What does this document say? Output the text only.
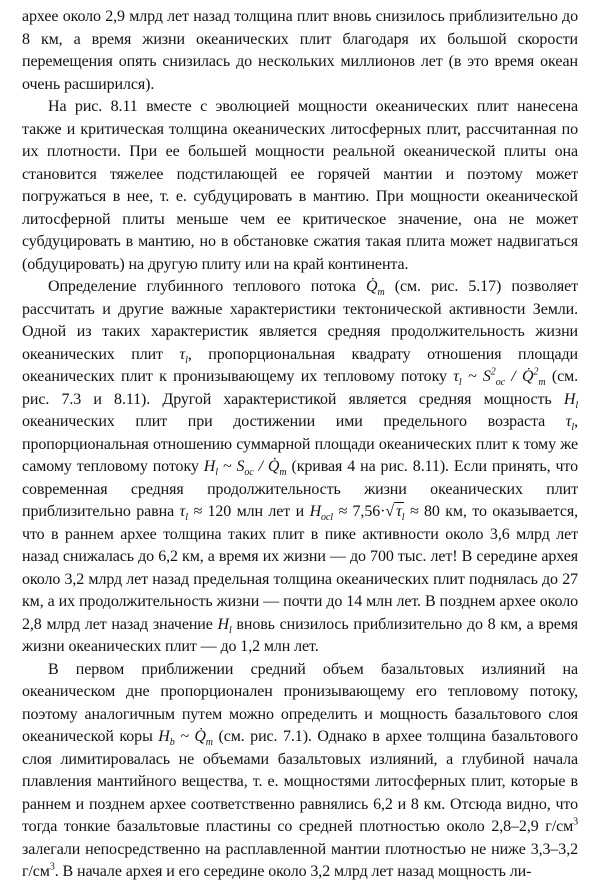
архее около 2,9 млрд лет назад толщина плит вновь снизилось приблизительно до 8 км, а время жизни океанических плит благодаря их большой скорости перемещения опять снизилась до нескольких миллионов лет (в это время океан очень расширился).

На рис. 8.11 вместе с эволюцией мощности океанических плит нанесена также и критическая толщина океанических литосферных плит, рассчитанная по их плотности. При ее большей мощности реальной океанической плиты она становится тяжелее подстилающей ее горячей мантии и поэтому может погружаться в нее, т. е. субдуцировать в мантию. При мощности океанической литосферной плиты меньше чем ее критическое значение, она не может субдуцировать в мантию, но в обстановке сжатия такая плита может надвигаться (обдуцировать) на другую плиту или на край континента.

Определение глубинного теплового потока $Q̇_m$ (см. рис. 5.17) позволяет рассчитать и другие важные характеристики тектонической активности Земли. Одной из таких характеристик является средняя продолжительность жизни океанических плит $\tau_l$, пропорциональная квадрату отношения площади океанических плит к пронизывающему их тепловому потоку $\tau_l$ ~ $S^2_{oc}$ / Q̇$^2_m$ (см. рис. 7.3 и 8.11). Другой характеристикой является средняя мощность $H_l$ океанических плит при достижении ими предельного возраста $\tau_l$, пропорциональная отношению суммарной площади океанических плит к тому же самому тепловому потоку $H_l$ ~ $S_{oc}$ / $Q̇_m$ (кривая 4 на рис. 8.11). Если принять, что современная средняя продолжительность жизни океанических плит приблизительно равна $\tau_l \approx 120$ млн лет и $H_{ocl} \approx 7,56\cdot√$ $\tau_l \approx 80$ км, то оказывается, что в раннем архее толщина таких плит в пике активности около 3,6 млрд лет назад снижалась до 6,2 км, а время их жизни — до 700 тыс. лет! В середине архея около 3,2 млрд лет назад предельная толщина океанических плит поднялась до 27 км, а их продолжительность жизни — почти до 14 млн лет. В позднем архее около 2,8 млрд лет назад значение $H_l$ вновь снизилось приблизительно до 8 км, а время жизни океанических плит — до 1,2 млн лет.

В первом приближении средний объем базальтовых излияний на океаническом дне пропорционален пронизывающему его тепловому потоку, поэтому аналогичным путем можно определить и мощность базальтового слоя океанической коры $H_b$ ~ $Q̇_m$ (см. рис. 7.1). Однако в архее толщина базальтового слоя лимитировалась не объемами базальтовых излияний, а глубиной начала плавления мантийного вещества, т. е. мощностями литосферных плит, которые в раннем и позднем архее соответственно равнялись 6,2 и 8 км. Отсюда видно, что тогда тонкие базальтовые пластины со средней плотностью около 2,8–2,9 $г/см^3$ залегали непосредственно на расплавленной мантии плотностью не ниже 3,3–3,2 $г/см^3$. В начале архея и его середине около 3,2 млрд лет назад мощность ли-
